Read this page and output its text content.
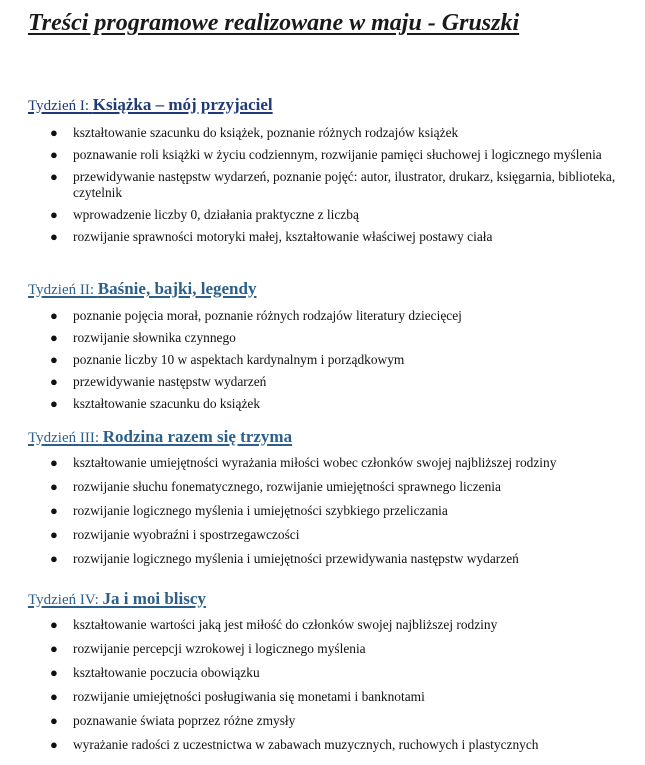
Treści programowe realizowane w maju - Gruszki
Tydzień I: Książka – mój przyjaciel
● kształtowanie szacunku do książek, poznanie różnych rodzajów książek
● poznawanie roli książki w życiu codziennym, rozwijanie pamięci słuchowej i logicznego myślenia
● przewidywanie następstw wydarzeń, poznanie pojęć: autor, ilustrator, drukarz, księgarnia, biblioteka, czytelnik
● wprowadzenie liczby 0, działania praktyczne z liczbą
● rozwijanie sprawności motoryki małej, kształtowanie właściwej postawy ciała
Tydzień II: Baśnie, bajki, legendy
● poznanie pojęcia morał, poznanie różnych rodzajów literatury dziecięcej
● rozwijanie słownika czynnego
● poznanie liczby 10 w aspektach kardynalnym i porządkowym
● przewidywanie następstw wydarzeń
● kształtowanie szacunku do książek
Tydzień III: Rodzina razem się trzyma
● kształtowanie umiejętności wyrażania miłości wobec członków swojej najbliższej rodziny
● rozwijanie słuchu fonematycznego, rozwijanie umiejętności sprawnego liczenia
● rozwijanie logicznego myślenia i umiejętności szybkiego przeliczania
● rozwijanie wyobraźni i spostrzegawczości
● rozwijanie logicznego myślenia i umiejętności przewidywania następstw wydarzeń
Tydzień IV: Ja i moi bliscy
● kształtowanie wartości jaką jest miłość do członków swojej najbliższej rodziny
● rozwijanie percepcji wzrokowej i logicznego myślenia
● kształtowanie poczucia obowiązku
● rozwijanie umiejętności posługiwania się monetami i banknotami
● poznawanie świata poprzez różne zmysły
● wyrażanie radości z uczestnictwa w zabawach muzycznych, ruchowych i plastycznych
